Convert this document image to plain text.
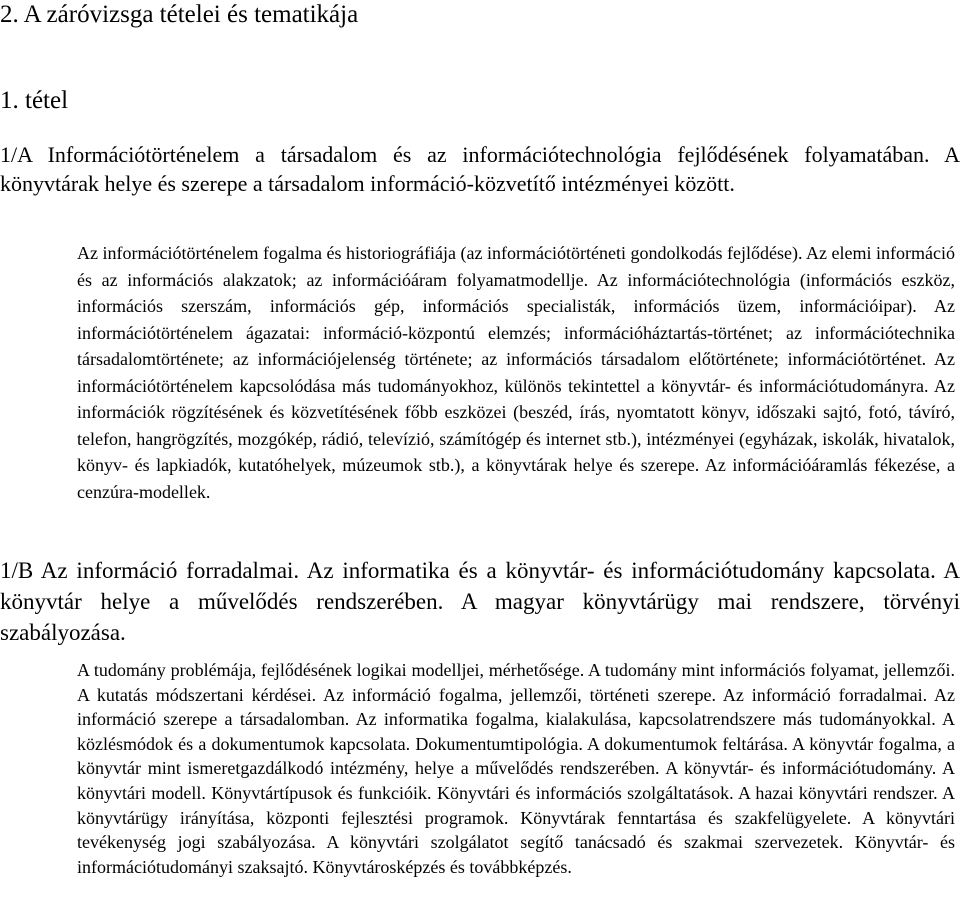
2. A záróvizsga tételei és tematikája
1. tétel

1/A Információtörténelem a társadalom és az információtechnológia fejlődésének folyamatában. A könyvtárak helye és szerepe a társadalom információ-közvetítő intézményei között.

Az információtörténelem fogalma és historiográfiája (az információtörténeti gondolkodás fejlődése). Az elemi információ és az információs alakzatok; az információáram folyamatmodellje. Az információtechnológia (információs eszköz, információs szerszám, információs gép, információs specialisták, információs üzem, információipar). Az információtörténelem ágazatai: információ-központú elemzés; információháztartás-történet; az információtechnika társadalomtörténete; az információjelenség története; az információs társadalom előtörténete; információtörténet. Az információtörténelem kapcsolódása más tudományokhoz, különös tekintettel a könyvtár- és információtudományra. Az információk rögzítésének és közvetítésének főbb eszközei (beszéd, írás, nyomtatott könyv, időszaki sajtó, fotó, távíró, telefon, hangrögzítés, mozgókép, rádió, televízió, számítógép és internet stb.), intézményei (egyházak, iskolák, hivatalok, könyv- és lapkiadók, kutatóhelyek, múzeumok stb.), a könyvtárak helye és szerepe. Az információáramlás fékezése, a cenzúra-modellek.

1/B Az információ forradalmai. Az informatika és a könyvtár- és információtudomány kapcsolata. A könyvtár helye a művelődés rendszerében. A magyar könyvtárügy mai rendszere, törvényi szabályozása.

A tudomány problémája, fejlődésének logikai modelljei, mérhetősége. A tudomány mint információs folyamat, jellemzői. A kutatás módszertani kérdései. Az információ fogalma, jellemzői, történeti szerepe. Az információ forradalmai. Az információ szerepe a társadalomban. Az informatika fogalma, kialakulása, kapcsolatrendszere más tudományokkal. A közlésmódok és a dokumentumok kapcsolata. Dokumentumtipológia. A dokumentumok feltárása. A könyvtár fogalma, a könyvtár mint ismeretgazdálkodó intézmény, helye a művelődés rendszerében. A könyvtár- és információtudomány. A könyvtári modell. Könyvtártípusok és funkcióik. Könyvtári és információs szolgáltatások. A hazai könyvtári rendszer. A könyvtárügy irányítása, központi fejlesztési programok. Könyvtárak fenntartása és szakfelügyelete. A könyvtári tevékenység jogi szabályozása. A könyvtári szolgálatot segítő tanácsadó és szakmai szervezetek. Könyvtár- és információtudományi szaksajtó. Könyvtárosképzés és továbbképzés.
